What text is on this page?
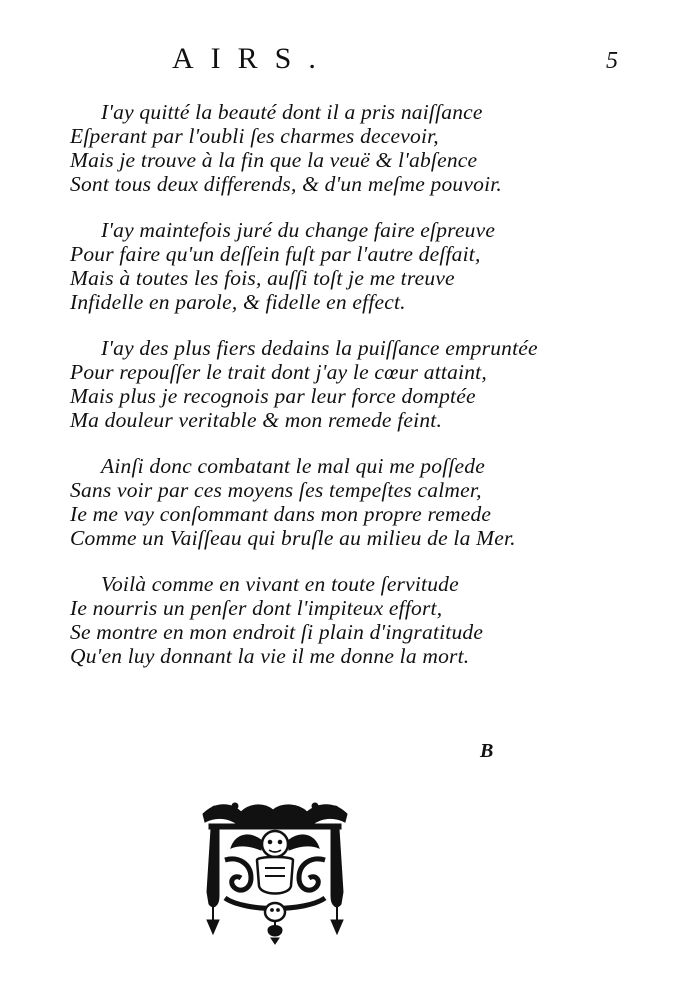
AIRS.	5
I'ay quitté la beauté dont il a pris naiſſance
Eſperant par l'oubli ſes charmes decevoir,
Mais je trouve à la fin que la veuë & l'abſence
Sont tous deux differends, & d'un meſme pouvoir.
I'ay maintefois juré du change faire eſpreuve
Pour faire qu'un deſſein fuſt par l'autre deſfait,
Mais à toutes les fois, auſſi toſt je me treuve
Infidelle en parole, & fidelle en effect.
I'ay des plus fiers dedains la puiſſance empruntée
Pour repouſſer le trait dont j'ay le cœur attaint,
Mais plus je recognois par leur force domptée
Ma douleur veritable & mon remede feint.
Ainſi donc combatant le mal qui me poſſede
Sans voir par ces moyens ſes tempeſtes calmer,
Ie me vay conſommant dans mon propre remede
Comme un Vaiſſeau qui bruſle au milieu de la Mer.
Voilà comme en vivant en toute ſervitude
Ie nourris un penſer dont l'impiteux effort,
Se montre en mon endroit ſi plain d'ingratitude
Qu'en luy donnant la vie il me donne la mort.
B
